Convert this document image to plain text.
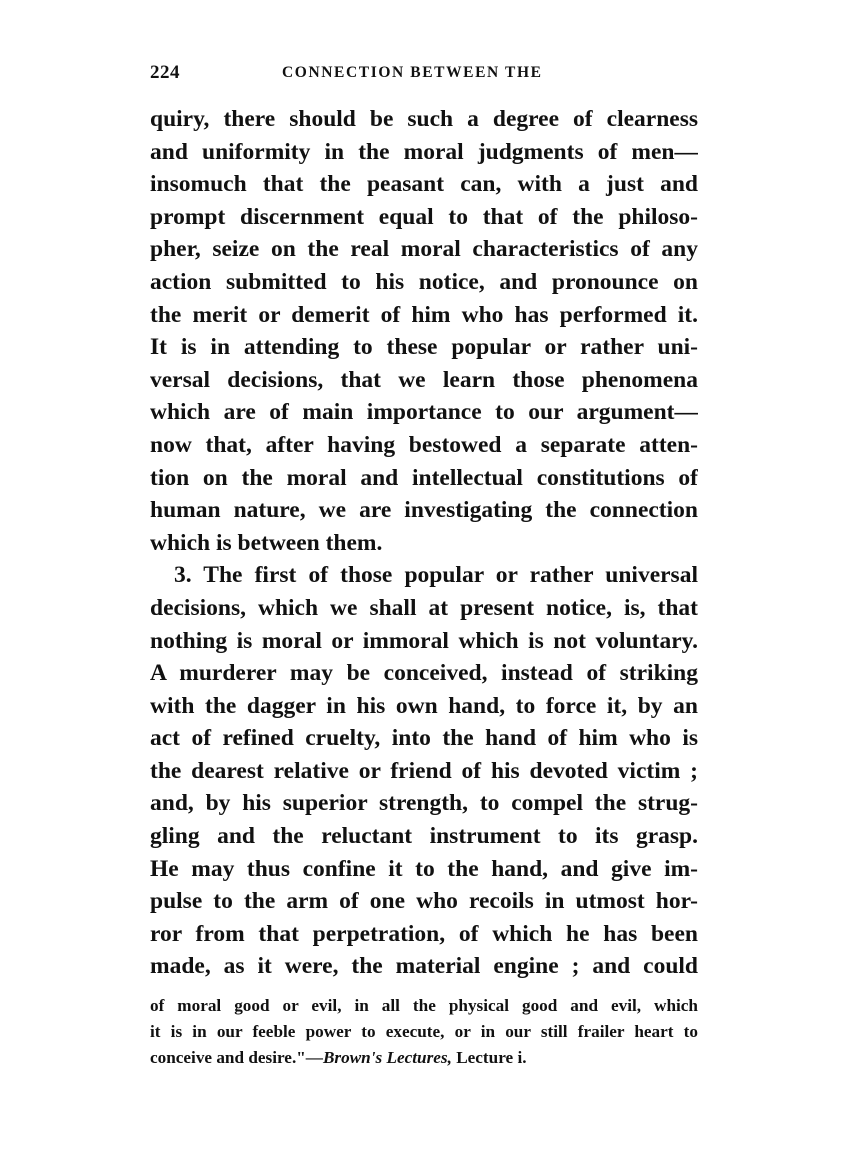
224	CONNECTION BETWEEN THE
quiry, there should be such a degree of clearness
and uniformity in the moral judgments of men—
insomuch that the peasant can, with a just and
prompt discernment equal to that of the philoso-
pher, seize on the real moral characteristics of any
action submitted to his notice, and pronounce on
the merit or demerit of him who has performed it.
It is in attending to these popular or rather uni-
versal decisions, that we learn those phenomena
which are of main importance to our argument—
now that, after having bestowed a separate atten-
tion on the moral and intellectual constitutions of
human nature, we are investigating the connection
which is between them.
3. The first of those popular or rather universal
decisions, which we shall at present notice, is, that
nothing is moral or immoral which is not voluntary.
A murderer may be conceived, instead of striking
with the dagger in his own hand, to force it, by an
act of refined cruelty, into the hand of him who is
the dearest relative or friend of his devoted victim ;
and, by his superior strength, to compel the strug-
gling and the reluctant instrument to its grasp.
He may thus confine it to the hand, and give im-
pulse to the arm of one who recoils in utmost hor-
ror from that perpetration, of which he has been
made, as it were, the material engine ; and could
of moral good or evil, in all the physical good and evil, which
it is in our feeble power to execute, or in our still frailer heart to
conceive and desire."—Brown's Lectures, Lecture i.
